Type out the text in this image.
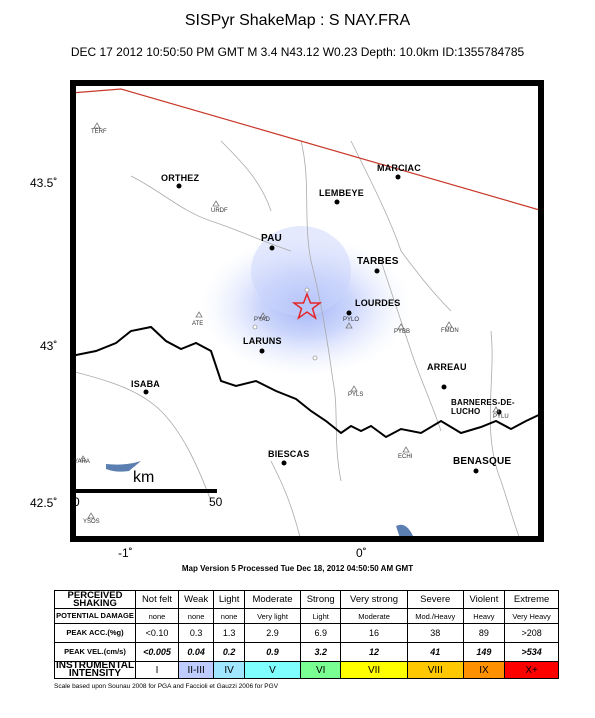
SISPyr ShakeMap : S NAY.FRA
DEC 17 2012 10:50:50 PM GMT M 3.4 N43.12 W0.23 Depth: 10.0km ID:1355784785
43.5˚
43˚
42.5˚
-1˚	0˚
ORTHEZ
LEMBEYE
MARCIAC
PAU
TARBES
LOURDES
LARUNS
ARREAU
ISABA
BARNERES-DE-LUCHO
BIESCAS
BENASQUE
TERF
URDF
PYAD	PYLO
PYBB	FMON
ATE
PYLS
PYLU
ECHI
YARA
YSOS
km
0	50
Map Version 5 Processed Tue Dec 18, 2012 04:50:50 AM GMT
PERCEIVED SHAKING	Not felt	Weak	Light	Moderate	Strong	Very strong	Severe	Violent	Extreme
POTENTIAL DAMAGE	none	none	none	Very light	Light	Moderate	Mod./Heavy	Heavy	Very Heavy
PEAK ACC.(%g)	<0.10	0.3	1.3	2.9	6.9	16	38	89	>208
PEAK VEL.(cm/s)	<0.005	0.04	0.2	0.9	3.2	12	41	149	>534
INSTRUMENTAL INTENSITY	I	II-III	IV	V	VI	VII	VIII	IX	X+
Scale based upon Sounau 2008 for PGA and Faccioli et Gauzzi 2006 for PGV
